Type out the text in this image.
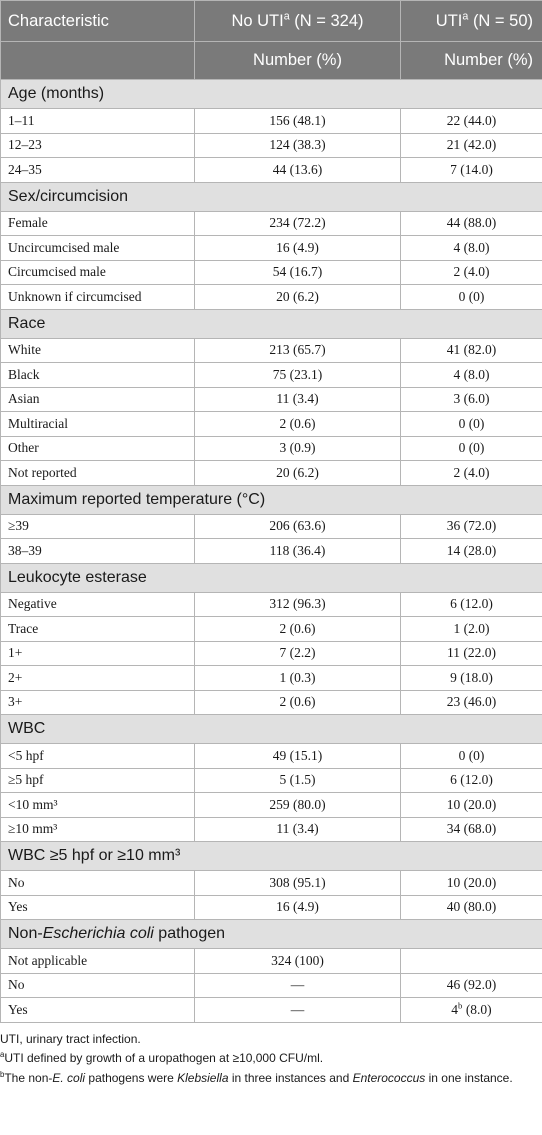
Characteristic	No UTI$^a$ (N = 324)	UTI$^a$ (N = 50)
	Number (%)	Number (%)
Age (months)		
1–11	156 (48.1)	22 (44.0)
12–23	124 (38.3)	21 (42.0)
24–35	44 (13.6)	7 (14.0)
Sex/circumcision		
Female	234 (72.2)	44 (88.0)
Uncircumcised male	16 (4.9)	4 (8.0)
Circumcised male	54 (16.7)	2 (4.0)
Unknown if circumcised	20 (6.2)	0 (0)
Race		
White	213 (65.7)	41 (82.0)
Black	75 (23.1)	4 (8.0)
Asian	11 (3.4)	3 (6.0)
Multiracial	2 (0.6)	0 (0)
Other	3 (0.9)	0 (0)
Not reported	20 (6.2)	2 (4.0)
Maximum reported temperature (°C)		
≥39	206 (63.6)	36 (72.0)
38–39	118 (36.4)	14 (28.0)
Leukocyte esterase		
Negative	312 (96.3)	6 (12.0)
Trace	2 (0.6)	1 (2.0)
1+	7 (2.2)	11 (22.0)
2+	1 (0.3)	9 (18.0)
3+	2 (0.6)	23 (46.0)
WBC		
<5 hpf	49 (15.1)	0 (0)
≥5 hpf	5 (1.5)	6 (12.0)
<10 mm³	259 (80.0)	10 (20.0)
≥10 mm³	11 (3.4)	34 (68.0)
WBC ≥5 hpf or ≥10 mm³		
No	308 (95.1)	10 (20.0)
Yes	16 (4.9)	40 (80.0)
Non-Escherichia coli pathogen		
Not applicable	324 (100)	
No	—	46 (92.0)
Yes	—	4$^b$ (8.0)

UTI, urinary tract infection.

$^a$UTI defined by growth of a uropathogen at ≥10,000 CFU/ml.

$^b$The non-E. coli pathogens were Klebsiella in three instances and Enterococcus in one instance.
